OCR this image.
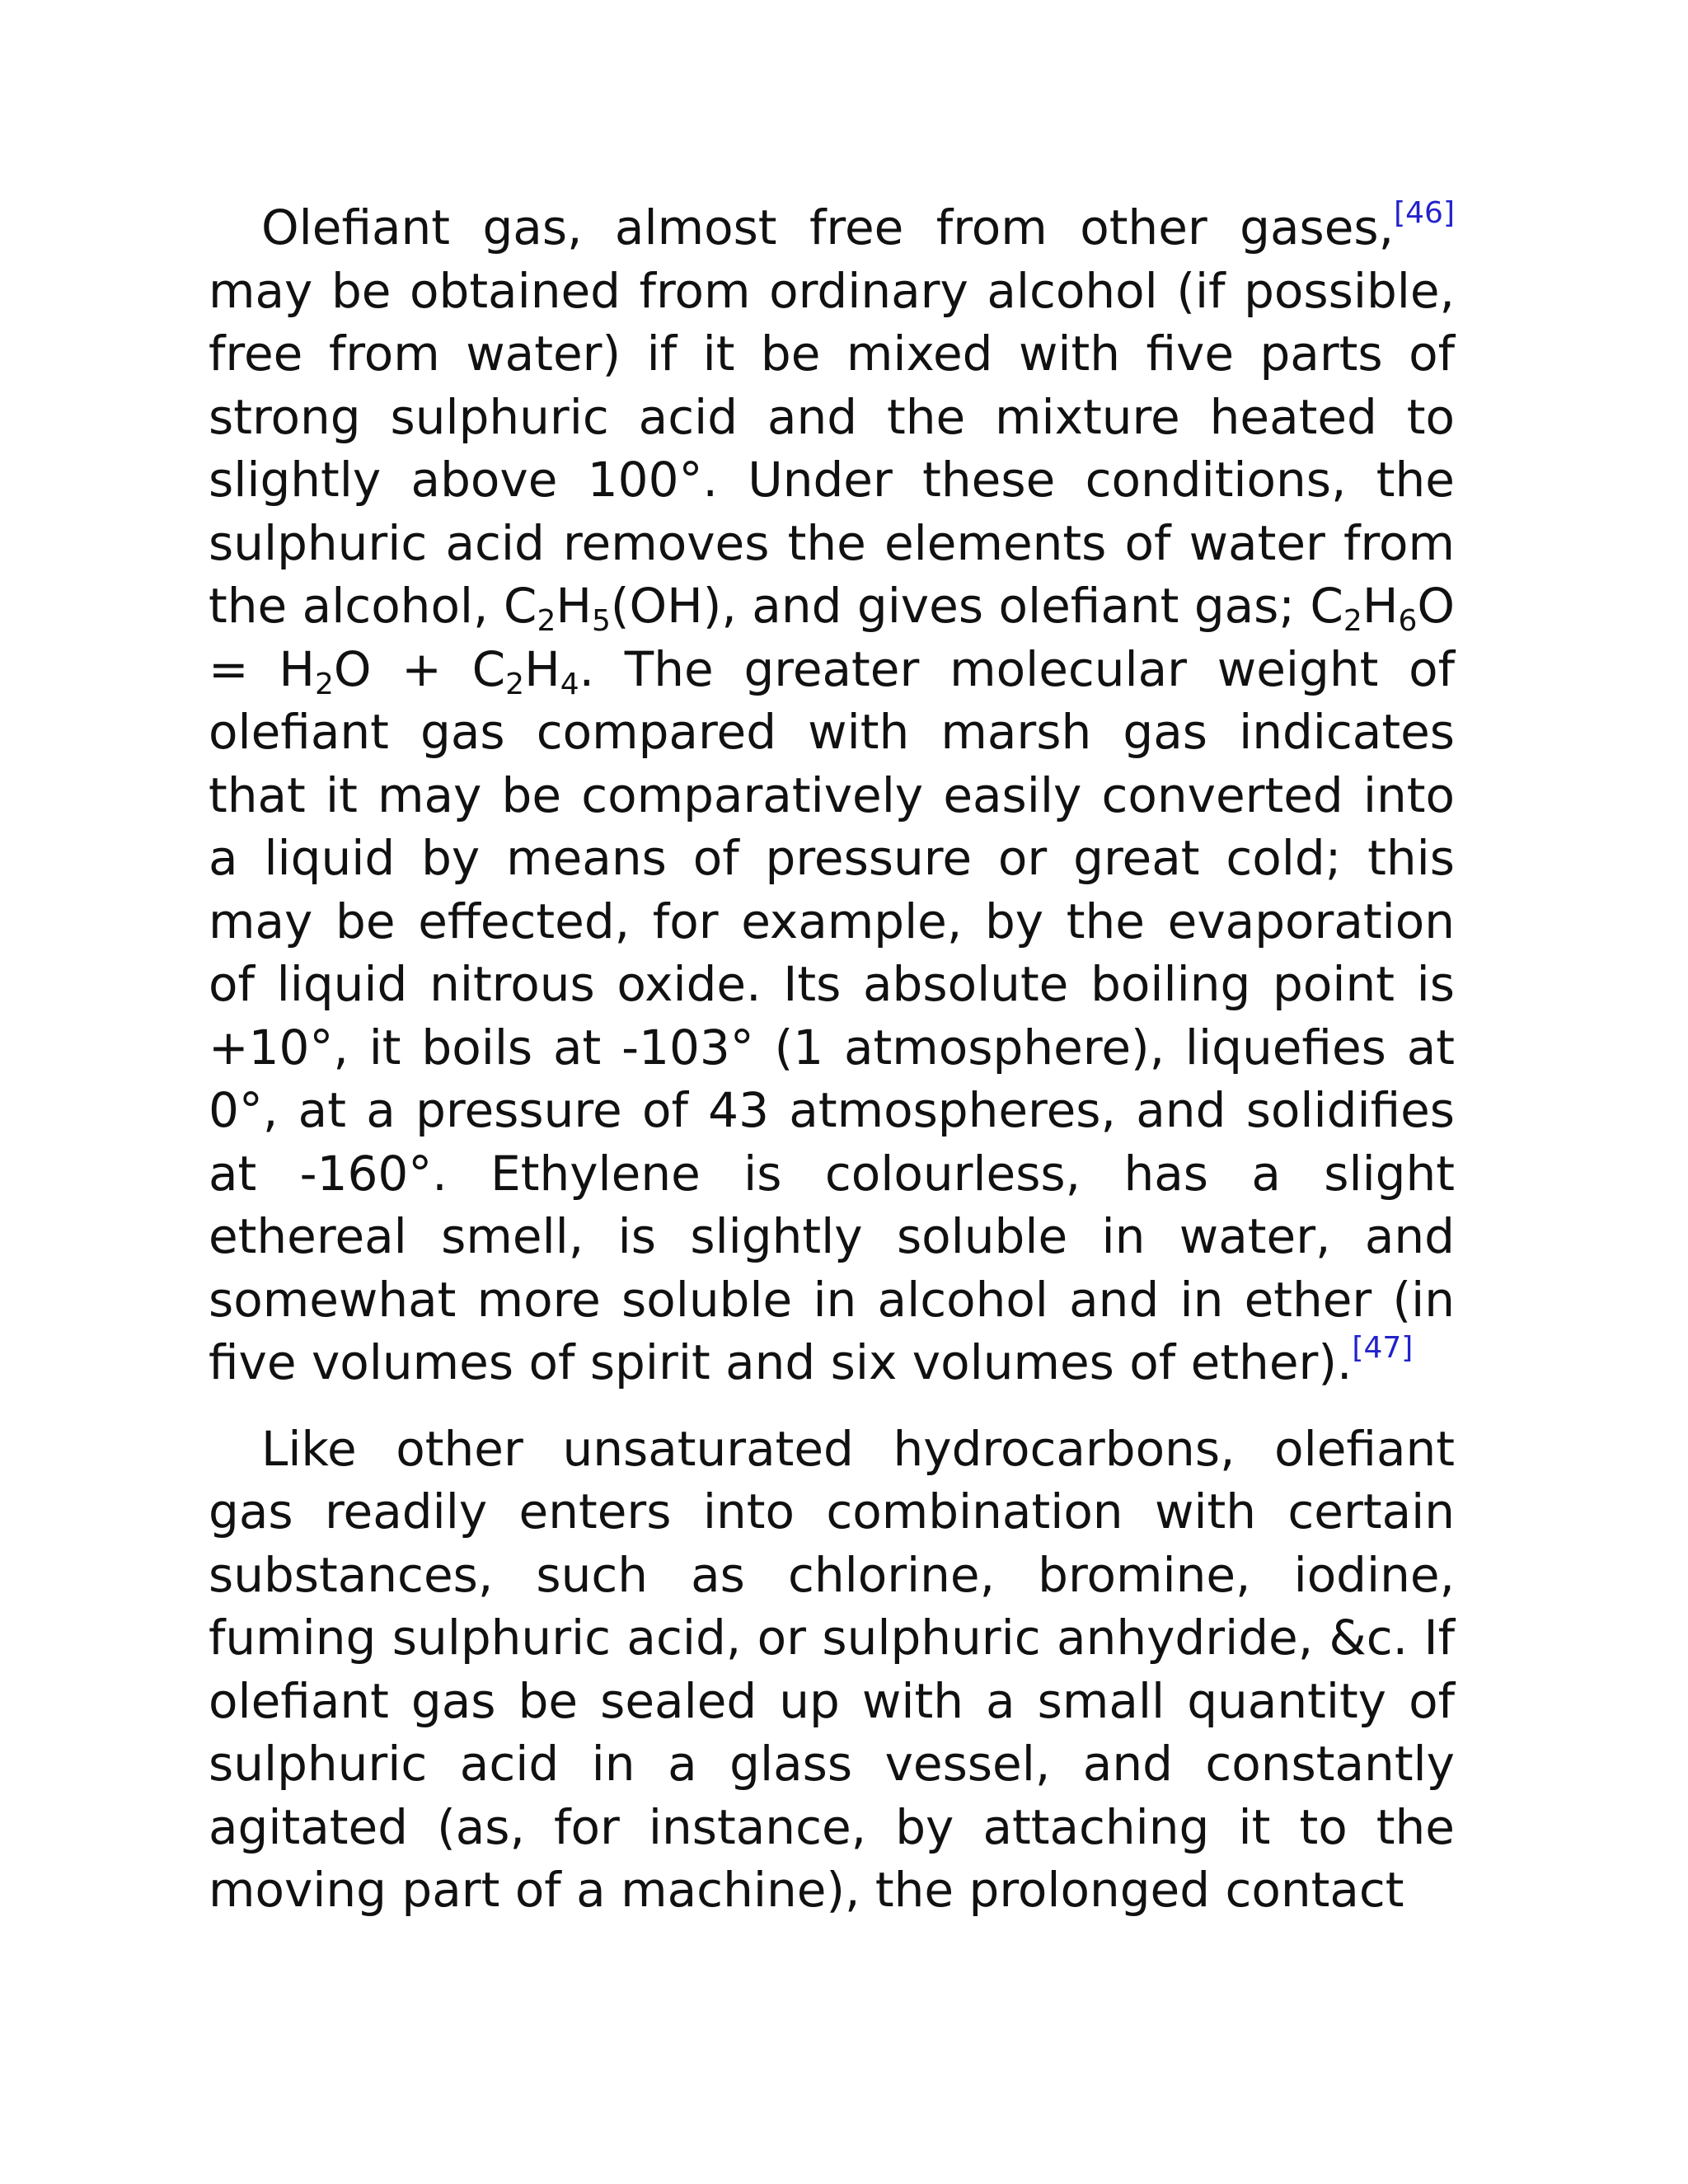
Olefiant gas, almost free from other gases,[46] may be obtained from ordinary alcohol (if possible, free from water) if it be mixed with five parts of strong sulphuric acid and the mixture heated to slightly above 100°. Under these conditions, the sulphuric acid removes the elements of water from the alcohol, $C_2H_5(OH)$, and gives olefiant gas; $C_2H_6O = H_2O + C_2H_4$. The greater molecular weight of olefiant gas compared with marsh gas indicates that it may be comparatively easily converted into a liquid by means of pressure or great cold; this may be effected, for example, by the evaporation of liquid nitrous oxide. Its absolute boiling point is +10°, it boils at -103° (1 atmosphere), liquefies at 0°, at a pressure of 43 atmospheres, and solidifies at -160°. Ethylene is colourless, has a slight ethereal smell, is slightly soluble in water, and somewhat more soluble in alcohol and in ether (in five volumes of spirit and six volumes of ether).[47]

Like other unsaturated hydrocarbons, olefiant gas readily enters into combination with certain substances, such as chlorine, bromine, iodine, fuming sulphuric acid, or sulphuric anhydride, &c. If olefiant gas be sealed up with a small quantity of sulphuric acid in a glass vessel, and constantly agitated (as, for instance, by attaching it to the moving part of a machine), the prolonged contact
